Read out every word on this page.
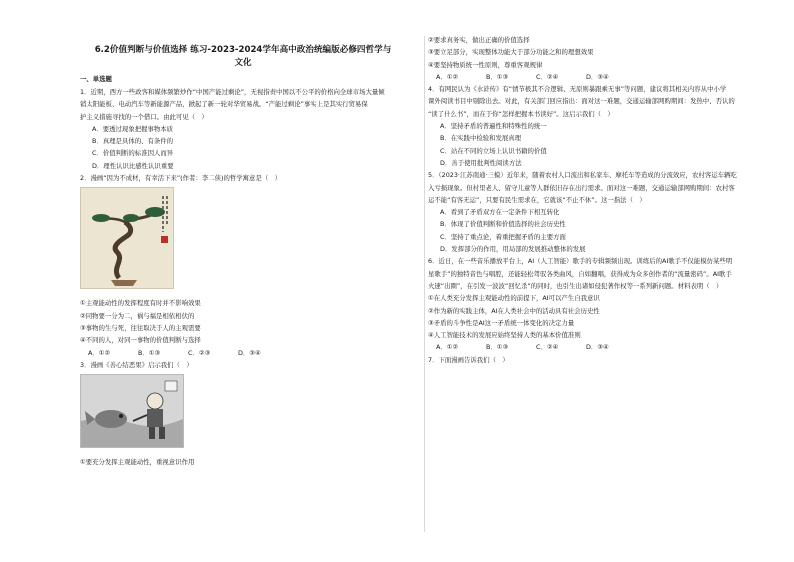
6.2价值判断与价值选择 练习-2023-2024学年高中政治统编版必修四哲学与
文化
一、单选题
1．近期，西方一些政客和媒体频繁炒作“中国产能过剩论”，无视指责中国以不公平的价格向全球市场大量倾
销太阳能板、电动汽车等新能源产品，掀起了新一轮对华贸易战。“产能过剩论”事实上是其实行贸易保
护主义措施寻找的一个借口。由此可见（　）
A．要透过现象把握事物本质
B．真理是具体的、有条件的
C．价值判断的标准因人而异
D．理性认识比感性认识重要
2．漫画“因为不成材，有幸活下来”(作者：李二侠)的哲学寓意是（　）
①主观能动性的发挥程度有时并不影响效果
②同物要一分为二，祸与福是相依相伏的
③事物的生与死，往往取决于人的主观需要
④不同的人，对同一事物的价值判断与选择
A．①②	B．①③	C．②③	D．③④
3．漫画《善心结恶果》启示我们（　）
①要充分发挥主观能动性，重视意识作用
②要求真务实，做出正确的价值选择
③要立足部分，实现整体功能大于部分功能之和的理想效果
④要坚持物质统一性原则，尊重客观规律
A．①②	B．①③	C．②④	D．③④
4．有网民认为《水浒传》有“情节极其不合逻辑、无原则暴跟乘无事”等问题，建议将其相关内容从中小学
课外阅读书目中剔除出去。对此，有关部门回应指出：面对这一难题，交通运输部网购期间：发热中、否认的
“读了什么书”，而在于你“怎样把握本书读好”。这启示我们（　）
A．坚持矛盾的普遍性和特殊性的统一
B．在实践中检验和发展真理
C．站在不同的立场上认识书籍的价值
D．善于使用批判性阅读方法
5．（2023·江苏南通·三模）近年来，随着农村人口流出和私家车、摩托车等造成的分流效应，农村客运车辆吃
入亏损现象。但村里老人、留守儿童等人群依旧存在出行需求。面对这一难题，交通运输部网购期间：农村客
运不能“有客无运”，只要有民生需求在，它就该“不止不休”。这一指法（　）
A．看到了矛盾双方在一定条件下相互转化
B．体现了价值判断和价值选择的社会历史性
C．坚持了重点论，着重把握矛盾的主要方面
D．发挥部分的作用，用局部的发展推动整体的发展
6．近日，在一些音乐播放平台上，AI（人工智能）歌手的专辑频频出现。训练后的AI歌手不仅能模仿某些明
星歌手”的独特音色与唱腔，还能轻松驾驭各类曲风，自如翻唱，获得成为众多创作者的“流量密码”。AI歌手
火速“出圈”，在引发一波波“回忆杀”的同时，也引生出诸如侵犯著作权等一系列新问题。材料表明（　）
①在人类充分发挥主观能动性的前提下，AI可以产生自我意识
②作为新的实践主体，AI在人类社会中的活动具有社会历史性
③矛盾的斗争性是AI这一矛盾统一体变化的决定力量
④人工智能技术的发展应始终坚持人类的基本价值准则
A．①②	B．①③	C．②④	D．③④
7．下面漫画告诉我们（　）
